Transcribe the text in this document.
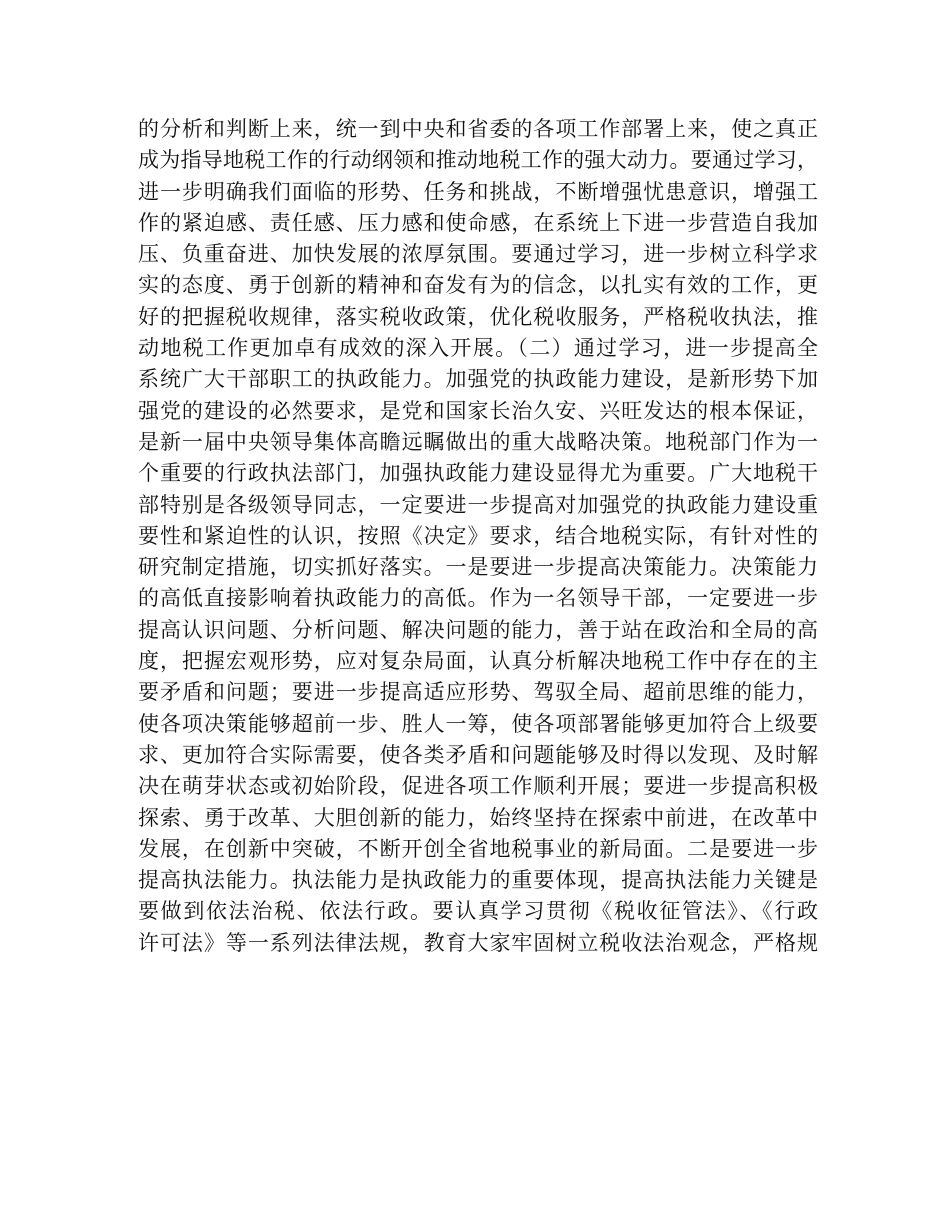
的分析和判断上来，统一到中央和省委的各项工作部署上来，使之真正
成为指导地税工作的行动纲领和推动地税工作的强大动力。要通过学习，
进一步明确我们面临的形势、任务和挑战，不断增强忧患意识，增强工
作的紧迫感、责任感、压力感和使命感，在系统上下进一步营造自我加
压、负重奋进、加快发展的浓厚氛围。要通过学习，进一步树立科学求
实的态度、勇于创新的精神和奋发有为的信念，以扎实有效的工作，更
好的把握税收规律，落实税收政策，优化税收服务，严格税收执法，推
动地税工作更加卓有成效的深入开展。（二）通过学习，进一步提高全
系统广大干部职工的执政能力。加强党的执政能力建设，是新形势下加
强党的建设的必然要求，是党和国家长治久安、兴旺发达的根本保证，
是新一届中央领导集体高瞻远瞩做出的重大战略决策。地税部门作为一
个重要的行政执法部门，加强执政能力建设显得尤为重要。广大地税干
部特别是各级领导同志，一定要进一步提高对加强党的执政能力建设重
要性和紧迫性的认识，按照《决定》要求，结合地税实际，有针对性的
研究制定措施，切实抓好落实。一是要进一步提高决策能力。决策能力
的高低直接影响着执政能力的高低。作为一名领导干部，一定要进一步
提高认识问题、分析问题、解决问题的能力，善于站在政治和全局的高
度，把握宏观形势，应对复杂局面，认真分析解决地税工作中存在的主
要矛盾和问题；要进一步提高适应形势、驾驭全局、超前思维的能力，
使各项决策能够超前一步、胜人一筹，使各项部署能够更加符合上级要
求、更加符合实际需要，使各类矛盾和问题能够及时得以发现、及时解
决在萌芽状态或初始阶段，促进各项工作顺利开展；要进一步提高积极
探索、勇于改革、大胆创新的能力，始终坚持在探索中前进，在改革中
发展，在创新中突破，不断开创全省地税事业的新局面。二是要进一步
提高执法能力。执法能力是执政能力的重要体现，提高执法能力关键是
要做到依法治税、依法行政。要认真学习贯彻《税收征管法》、《行政
许可法》等一系列法律法规，教育大家牢固树立税收法治观念，严格规
